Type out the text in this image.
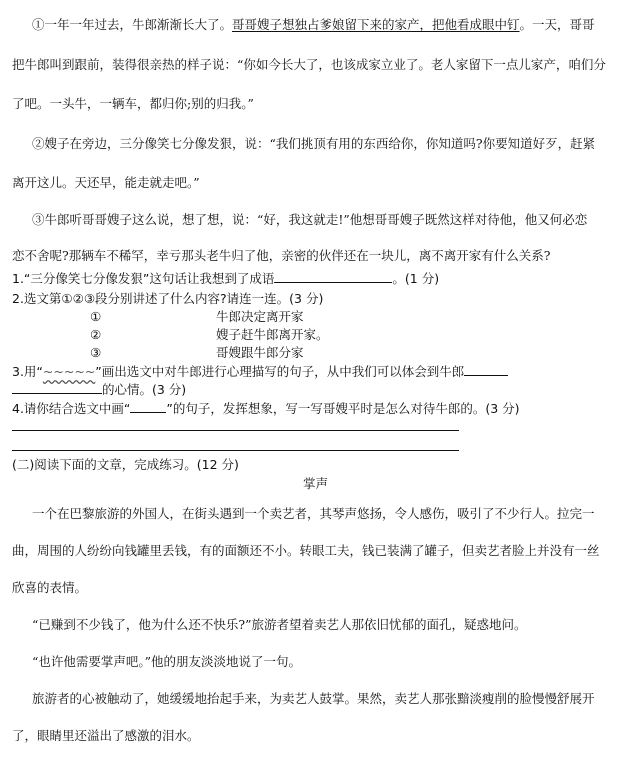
①一年一年过去，牛郎渐渐长大了。哥哥嫂子想独占爹娘留下来的家产，把他看成眼中钉。一天，哥哥
把牛郎叫到跟前，装得很亲热的样子说：“你如今长大了，也该成家立业了。老人家留下一点儿家产，咱们分
了吧。一头牛，一辆车，都归你;别的归我。”
②嫂子在旁边，三分像笑七分像发狠，说：“我们挑顶有用的东西给你，你知道吗?你要知道好歹，赶紧
离开这儿。天还早，能走就走吧。”
③牛郎听哥哥嫂子这么说，想了想，说：“好，我这就走!”他想哥哥嫂子既然这样对待他，他又何必恋
恋不舍呢?那辆车不稀罕，幸亏那头老牛归了他，亲密的伙伴还在一块儿，离不离开家有什么关系?
1.“三分像笑七分像发狠”这句话让我想到了成语	。(1 分)
2.选文第①②③段分别讲述了什么内容?请连一连。(3 分)
①	牛郎决定离开家
②	嫂子赶牛郎离开家。
③	哥嫂跟牛郎分家
3.用“~~~~~”画出选文中对牛郎进行心理描写的句子，从中我们可以体会到牛郎
的心情。(3 分)
4.请你结合选文中画“	”的句子，发挥想象，写一写哥嫂平时是怎么对待牛郎的。(3 分)
(二)阅读下面的文章，完成练习。(12 分)
掌声
一个在巴黎旅游的外国人，在街头遇到一个卖艺者，其琴声悠扬，令人感伤，吸引了不少行人。拉完一
曲，周围的人纷纷向钱罐里丢钱，有的面额还不小。转眼工夫，钱已装满了罐子，但卖艺者脸上并没有一丝
欣喜的表情。
“已赚到不少钱了，他为什么还不快乐?”旅游者望着卖艺人那依旧忧郁的面孔，疑惑地问。
“也许他需要掌声吧。”他的朋友淡淡地说了一句。
旅游者的心被触动了，她缓缓地抬起手来，为卖艺人鼓掌。果然，卖艺人那张黯淡瘦削的脸慢慢舒展开
了，眼睛里还溢出了感激的泪水。
